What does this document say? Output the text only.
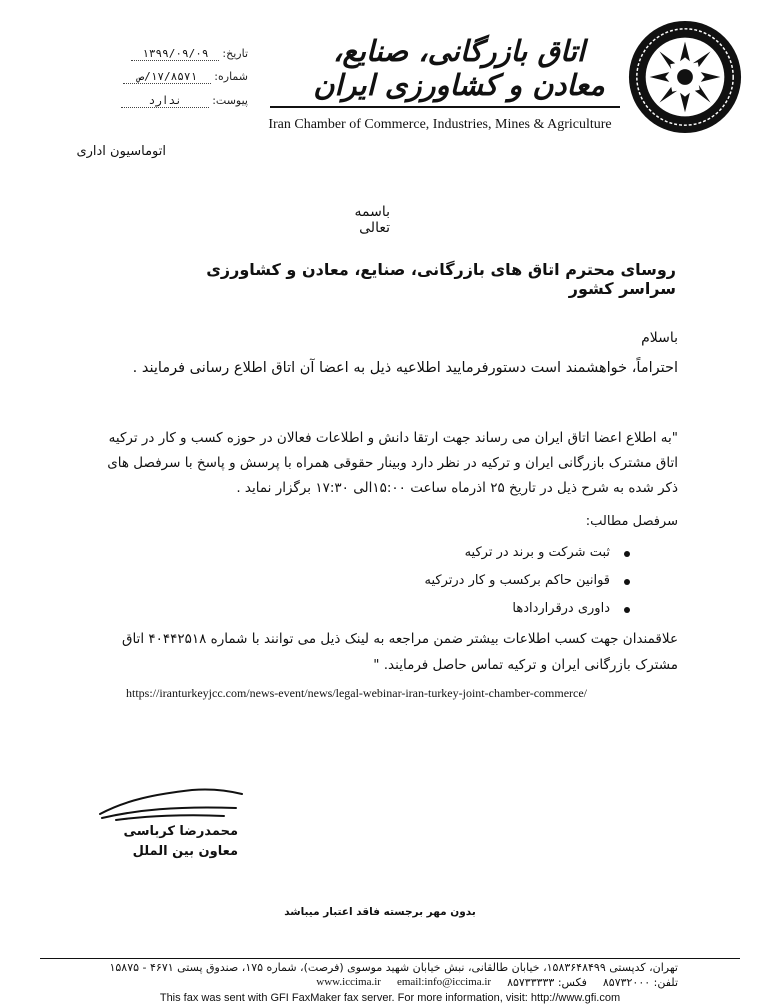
اتاق بازرگانی، صنایع، معادن و کشاورزی ایران
Iran Chamber of Commerce, Industries, Mines & Agriculture
تاریخ:
۱۳۹۹/۰۹/۰۹
شماره:
۱۷/۸۵۷۱/ص
پیوست:
ندارد
اتوماسیون اداری
باسمه تعالی
روسای محترم اتاق های بازرگانی، صنایع، معادن و کشاورزی سراسر کشور
باسلام
احتراماً، خواهشمند است دستورفرمایید اطلاعیه ذیل به اعضا آن اتاق اطلاع رسانی فرمایند .
"به اطلاع اعضا اتاق ایران می رساند جهت ارتقا دانش و اطلاعات فعالان در حوزه کسب و کار در ترکیه اتاق مشترک بازرگانی ایران و ترکیه در نظر دارد وبینار حقوقی همراه با پرسش و پاسخ با سرفصل های ذکر شده به شرح ذیل در تاریخ ۲۵ اذرماه ساعت ۱۵:۰۰الی ۱۷:۳۰ برگزار نماید .
سرفصل مطالب:
ثبت شرکت و برند در ترکیه
قوانین حاکم برکسب و کار درترکیه
داوری درقراردادها
علاقمندان جهت کسب اطلاعات بیشتر ضمن مراجعه به لینک ذیل می توانند با شماره ۴۰۴۴۲۵۱۸ اتاق مشترک بازرگانی ایران و ترکیه تماس حاصل فرمایند. "
https://iranturkeyjcc.com/news-event/news/legal-webinar-iran-turkey-joint-chamber-commerce/
محمدرضا کرباسی
معاون بین الملل
بدون مهر برجسته فاقد اعتبار میباشد
تهران، کدپستی ۱۵۸۳۶۴۸۴۹۹، خیابان طالقانی، نبش خیابان شهید موسوی (فرصت)، شماره ۱۷۵، صندوق پستی ۴۶۷۱ - ۱۵۸۷۵
تلفن: ۸۵۷۳۲۰۰۰
فکس: ۸۵۷۳۳۳۳۳
email:info@iccima.ir
www.iccima.ir
This fax was sent with GFI FaxMaker fax server. For more information, visit: http://www.gfi.com
